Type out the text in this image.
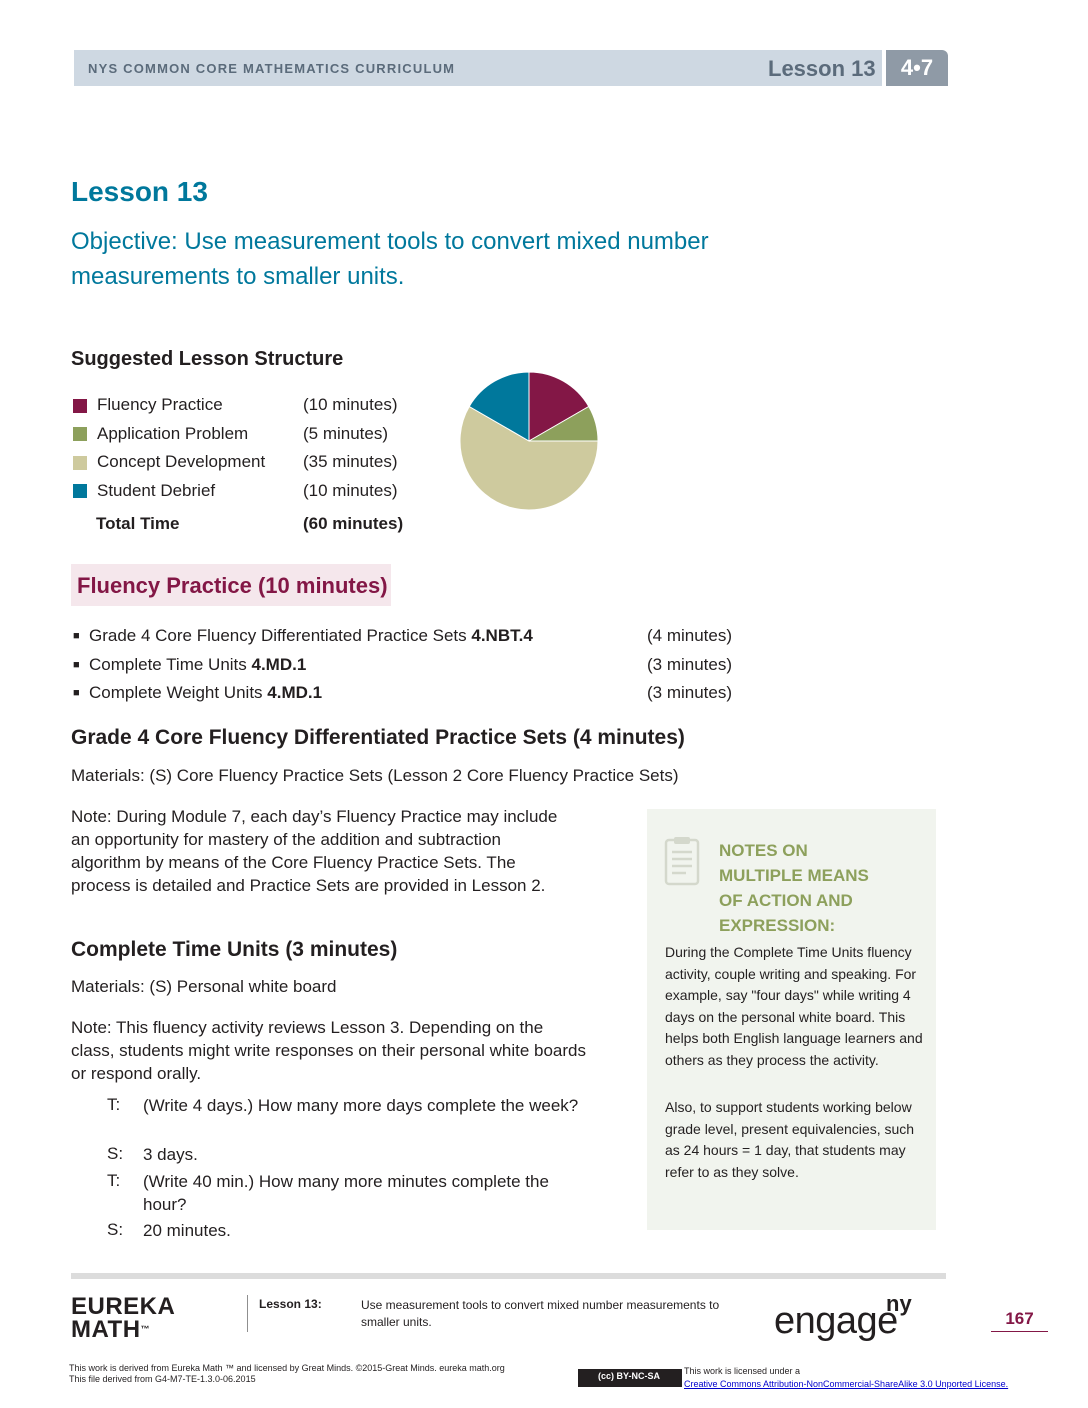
NYS COMMON CORE MATHEMATICS CURRICULUM	Lesson 13	4•7
Lesson 13
Objective: Use measurement tools to convert mixed number
measurements to smaller units.
Suggested Lesson Structure
Fluency Practice	(10 minutes)
Application Problem	(5 minutes)
Concept Development (35 minutes)
Student Debrief	(10 minutes)
Total Time	(60 minutes)
Fluency Practice (10 minutes)
■ Grade 4 Core Fluency Differentiated Practice Sets 4.NBT.4	(4 minutes)
■ Complete Time Units 4.MD.1	(3 minutes)
■ Complete Weight Units 4.MD.1	(3 minutes)
Grade 4 Core Fluency Differentiated Practice Sets (4 minutes)
Materials: (S) Core Fluency Practice Sets (Lesson 2 Core Fluency Practice Sets)
Note: During Module 7, each day’s Fluency Practice may include an opportunity for mastery of the addition and subtraction algorithm by means of the Core Fluency Practice Sets. The process is detailed and Practice Sets are provided in Lesson 2.
Complete Time Units (3 minutes)
Materials: (S) Personal white board
Note: This fluency activity reviews Lesson 3. Depending on the class, students might write responses on their personal white boards or respond orally.
T: (Write 4 days.) How many more days complete the week?
S: 3 days.
T: (Write 40 min.) How many more minutes complete the hour?
S: 20 minutes.
NOTES ON
MULTIPLE MEANS
OF ACTION AND
EXPRESSION:
During the Complete Time Units fluency activity, couple writing and speaking. For example, say "four days" while writing 4 days on the personal white board. This helps both English language learners and others as they process the activity.
Also, to support students working below grade level, present equivalencies, such as 24 hours = 1 day, that students may refer to as they solve.
EUREKA
MATH™
Lesson 13:	Use measurement tools to convert mixed number measurements to smaller units.	engage
ny
167
This work is derived from Eureka Math ™ and licensed by Great Minds. ©2015-Great Minds. eureka math.org
This file derived from G4-M7-TE-1.3.0-06.2015	(cc) BY-NC-SA	This work is licensed under a
Creative Commons Attribution-NonCommercial-ShareAlike 3.0 Unported License.
